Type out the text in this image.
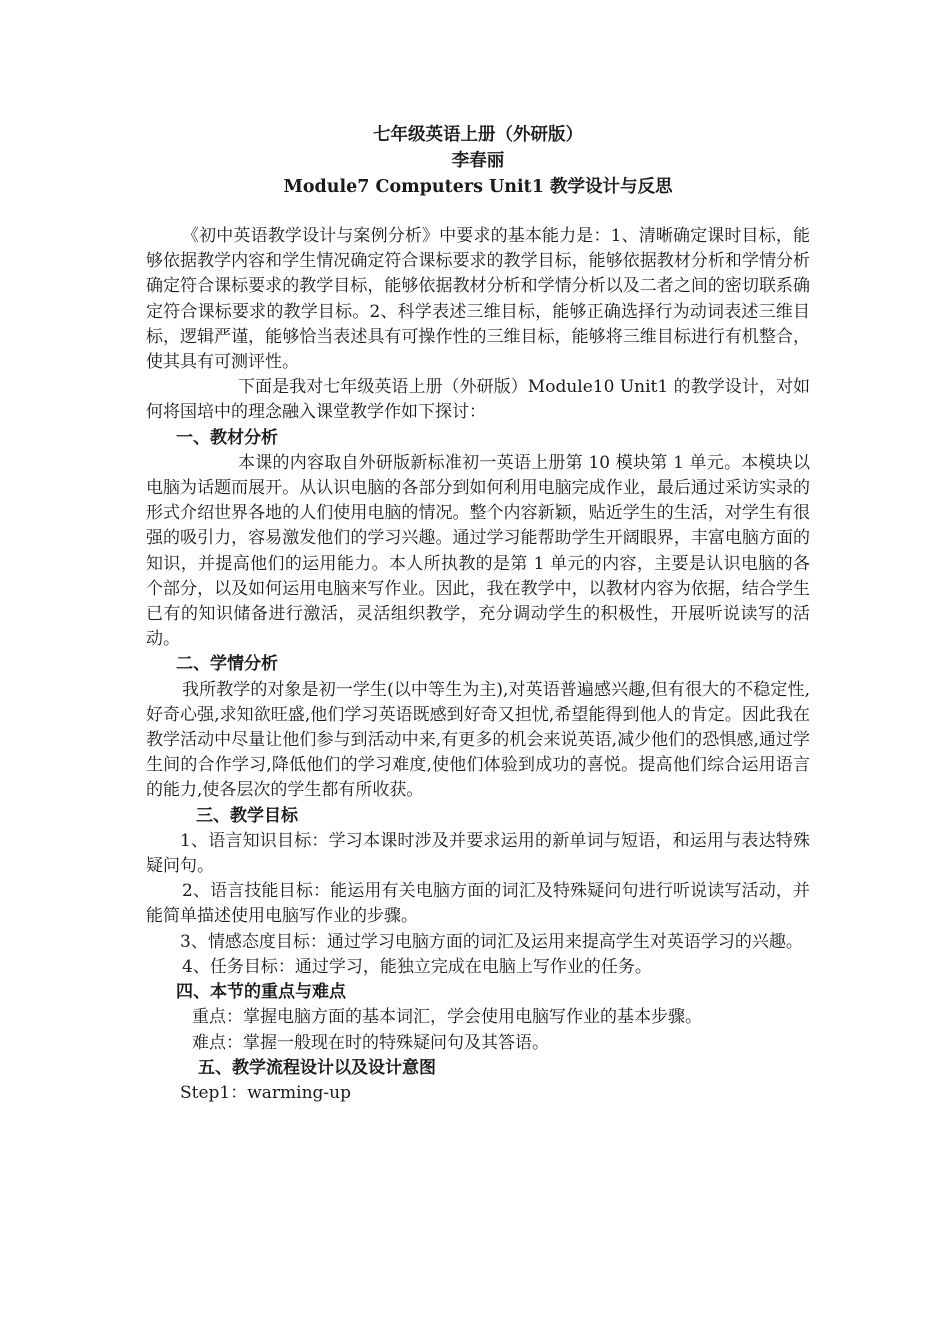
七年级英语上册（外研版）

李春丽

Module7 Computers Unit1 教学设计与反思

《初中英语教学设计与案例分析》中要求的基本能力是：1、清晰确定课时目标，能够依据教学内容和学生情况确定符合课标要求的教学目标，能够依据教材分析和学情分析确定符合课标要求的教学目标，能够依据教材分析和学情分析以及二者之间的密切联系确定符合课标要求的教学目标。2、科学表述三维目标，能够正确选择行为动词表述三维目标，逻辑严谨，能够恰当表述具有可操作性的三维目标，能够将三维目标进行有机整合，使其具有可测评性。

下面是我对七年级英语上册（外研版）Module10 Unit1 的教学设计，对如何将国培中的理念融入课堂教学作如下探讨：

一、教材分析

本课的内容取自外研版新标准初一英语上册第 10 模块第 1 单元。本模块以电脑为话题而展开。从认识电脑的各部分到如何利用电脑完成作业，最后通过采访实录的形式介绍世界各地的人们使用电脑的情况。整个内容新颖，贴近学生的生活，对学生有很强的吸引力，容易激发他们的学习兴趣。通过学习能帮助学生开阔眼界，丰富电脑方面的知识，并提高他们的运用能力。本人所执教的是第 1 单元的内容，主要是认识电脑的各个部分，以及如何运用电脑来写作业。因此，我在教学中，以教材内容为依据，结合学生已有的知识储备进行激活，灵活组织教学，充分调动学生的积极性，开展听说读写的活动。

二、学情分析

我所教学的对象是初一学生(以中等生为主),对英语普遍感兴趣,但有很大的不稳定性,好奇心强,求知欲旺盛,他们学习英语既感到好奇又担忧,希望能得到他人的肯定。因此我在教学活动中尽量让他们参与到活动中来,有更多的机会来说英语,减少他们的恐惧感,通过学生间的合作学习,降低他们的学习难度,使他们体验到成功的喜悦。提高他们综合运用语言的能力,使各层次的学生都有所收获。

三、教学目标

1、语言知识目标：学习本课时涉及并要求运用的新单词与短语，和运用与表达特殊疑问句。

2、语言技能目标：能运用有关电脑方面的词汇及特殊疑问句进行听说读写活动，并能简单描述使用电脑写作业的步骤。

3、情感态度目标：通过学习电脑方面的词汇及运用来提高学生对英语学习的兴趣。

4、任务目标：通过学习，能独立完成在电脑上写作业的任务。

四、本节的重点与难点

重点：掌握电脑方面的基本词汇，学会使用电脑写作业的基本步骤。

难点：掌握一般现在时的特殊疑问句及其答语。

五、教学流程设计以及设计意图

Step1：warming-up
